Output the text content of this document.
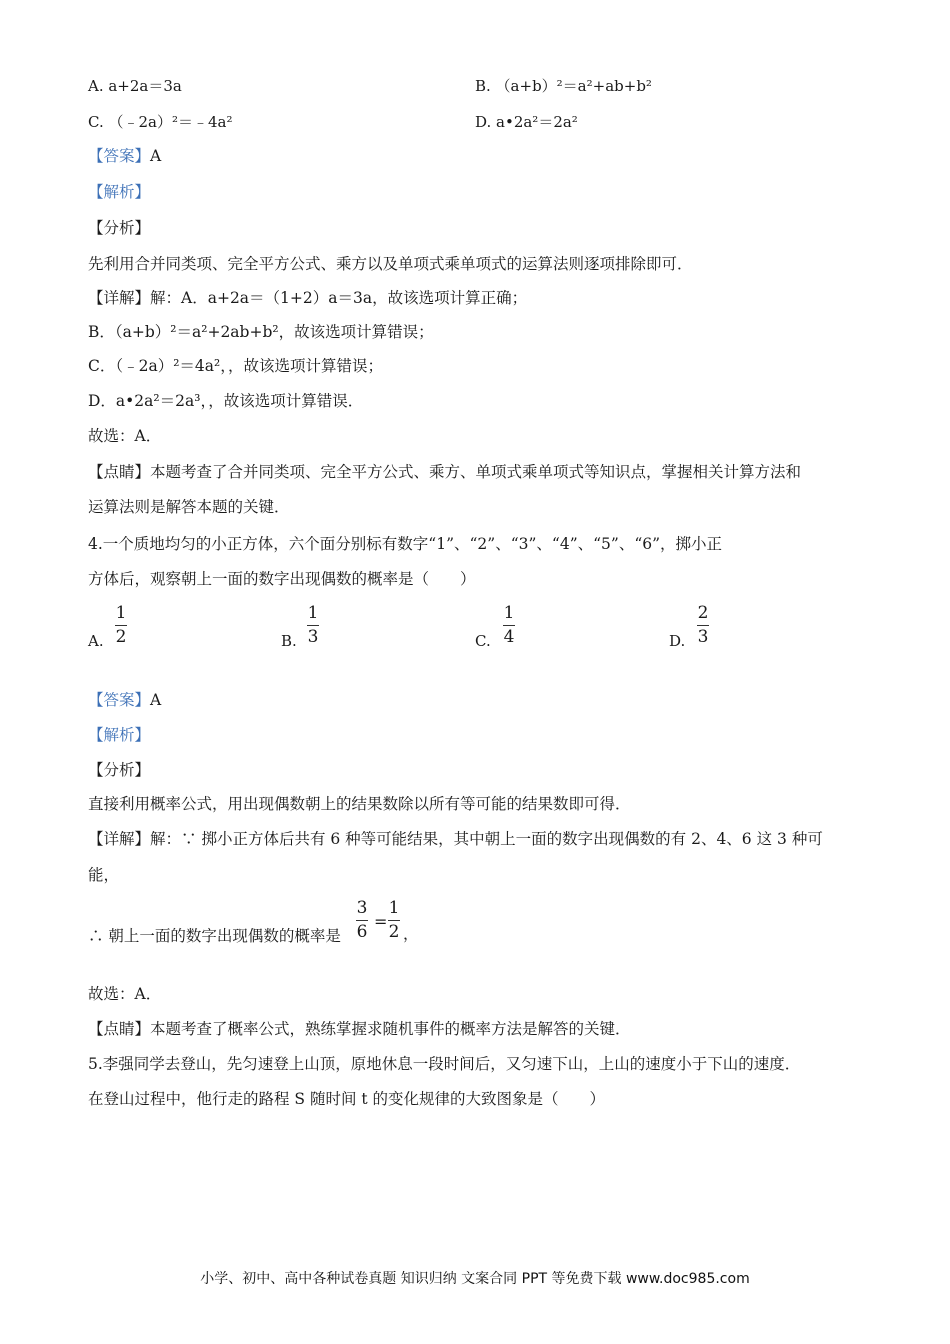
A. a+2a＝3a	B. （a+b）²＝a²+ab+b²
C. （﹣2a）²＝﹣4a²	D. a•2a²＝2a²
【答案】A
【解析】
【分析】
先利用合并同类项、完全平方公式、乘方以及单项式乘单项式的运算法则逐项排除即可．
【详解】解：A．a+2a＝（1+2）a＝3a，故该选项计算正确；
B．（a+b）²＝a²+2ab+b²，故该选项计算错误；
C．（﹣2a）²＝4a²，，故该选项计算错误；
D．a•2a²＝2a³，，故该选项计算错误．
故选：A．
【点睛】本题考查了合并同类项、完全平方公式、乘方、单项式乘单项式等知识点，掌握相关计算方法和
运算法则是解答本题的关键．
4.一个质地均匀的小正方体，六个面分别标有数字“1”、“2”、“3”、“4”、“5”、“6”，掷小正
方体后，观察朝上一面的数字出现偶数的概率是（　　）
A.
1
2	B.
1
3	C.
1
4	D.
2
3
【答案】A
【解析】
【分析】
直接利用概率公式，用出现偶数朝上的结果数除以所有等可能的结果数即可得．
【详解】解：∵ 掷小正方体后共有 6 种等可能结果，其中朝上一面的数字出现偶数的有 2、4、6 这 3 种可
能，
∴ 朝上一面的数字出现偶数的概率是
3
6
=
1
2 ，
故选：A．
【点睛】本题考查了概率公式，熟练掌握求随机事件的概率方法是解答的关键．
5.李强同学去登山，先匀速登上山顶，原地休息一段时间后，又匀速下山，上山的速度小于下山的速度．
在登山过程中，他行走的路程 S 随时间 t 的变化规律的大致图象是（　　）
小学、初中、高中各种试卷真题 知识归纳 文案合同 PPT 等免费下载 www.doc985.com
